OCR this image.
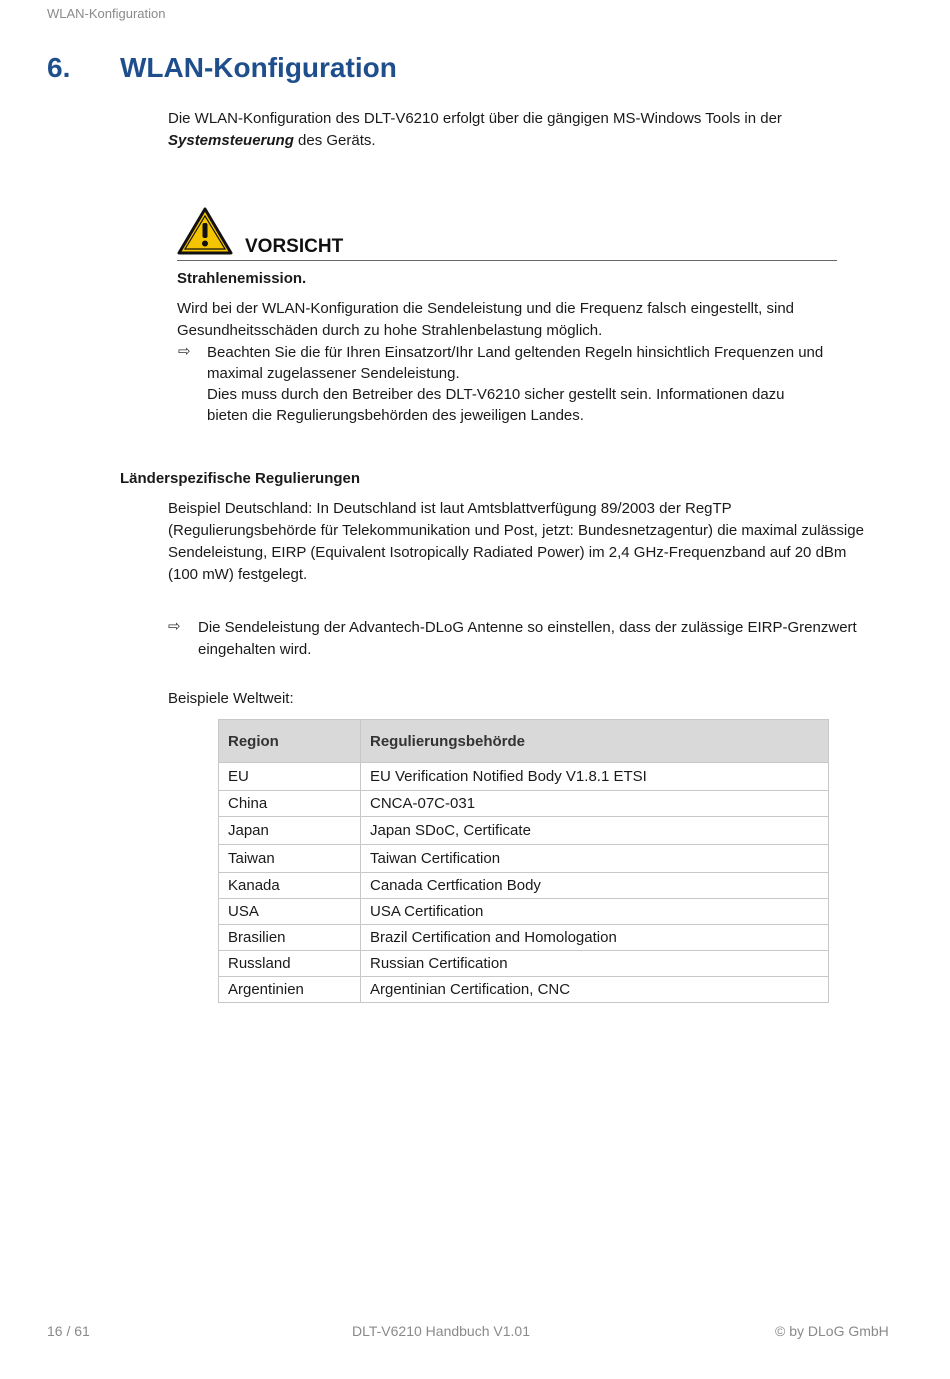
WLAN-Konfiguration
6. WLAN-Konfiguration
Die WLAN-Konfiguration des DLT-V6210 erfolgt über die gängigen MS-Windows Tools in der
Systemsteuerung des Geräts.
VORSICHT
Strahlenemission.
Wird bei der WLAN-Konfiguration die Sendeleistung und die Frequenz falsch eingestellt, sind Gesundheitsschäden durch zu hohe Strahlenbelastung möglich.
⇨ Beachten Sie die für Ihren Einsatzort/Ihr Land geltenden Regeln hinsichtlich Frequenzen und maximal zugelassener Sendeleistung.
Dies muss durch den Betreiber des DLT-V6210 sicher gestellt sein. Informationen dazu bieten die Regulierungsbehörden des jeweiligen Landes.
Länderspezifische Regulierungen
Beispiel Deutschland: In Deutschland ist laut Amtsblattverfügung 89/2003 der RegTP (Regulierungsbehörde für Telekommunikation und Post, jetzt: Bundesnetzagentur) die maximal zulässige Sendeleistung, EIRP (Equivalent Isotropically Radiated Power) im 2,4 GHz-Frequenzband auf 20 dBm (100 mW) festgelegt.
⇨ Die Sendeleistung der Advantech-DLoG Antenne so einstellen, dass der zulässige EIRP-Grenzwert eingehalten wird.
Beispiele Weltweit:
Region	Regulierungsbehörde
EU	EU Verification Notified Body V1.8.1 ETSI
China	CNCA-07C-031
Japan	Japan SDoC, Certificate
Taiwan	Taiwan Certification
Kanada	Canada Certfication Body
USA	USA Certification
Brasilien	Brazil Certification and Homologation
Russland	Russian Certification
Argentinien	Argentinian Certification, CNC
16 / 61	DLT-V6210 Handbuch V1.01	© by DLoG GmbH
